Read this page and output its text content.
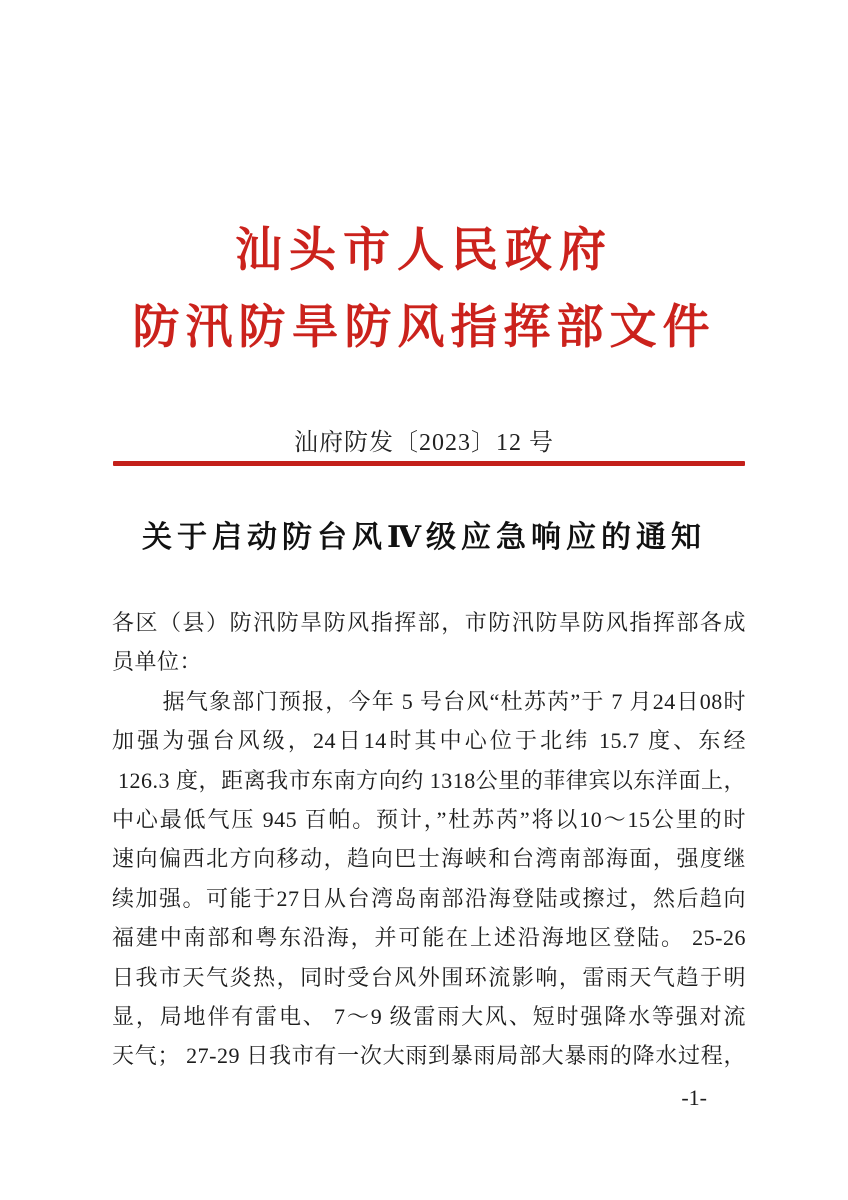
汕头市人民政府
防汛防旱防风指挥部文件
汕府防发〔2023〕12 号
关于启动防台风Ⅳ级应急响应的通知
各区（县）防汛防旱防风指挥部，市防汛防旱防风指挥部各成
员单位：
据气象部门预报，今年 5 号台风“杜苏芮”于 7 月24日08时
加强为强台风级，24日14时其中心位于北纬 15.7 度、东经
126.3 度，距离我市东南方向约 1318公里的菲律宾以东洋面上，
中心最低气压 945 百帕。预计，”杜苏芮”将以10～15公里的时
速向偏西北方向移动，趋向巴士海峡和台湾南部海面，强度继
续加强。可能于27日从台湾岛南部沿海登陆或擦过，然后趋向
福建中南部和粤东沿海，并可能在上述沿海地区登陆。 25-26
日我市天气炎热，同时受台风外围环流影响，雷雨天气趋于明
显，局地伴有雷电、 7～9 级雷雨大风、短时强降水等强对流
天气； 27-29 日我市有一次大雨到暴雨局部大暴雨的降水过程，
-1-
